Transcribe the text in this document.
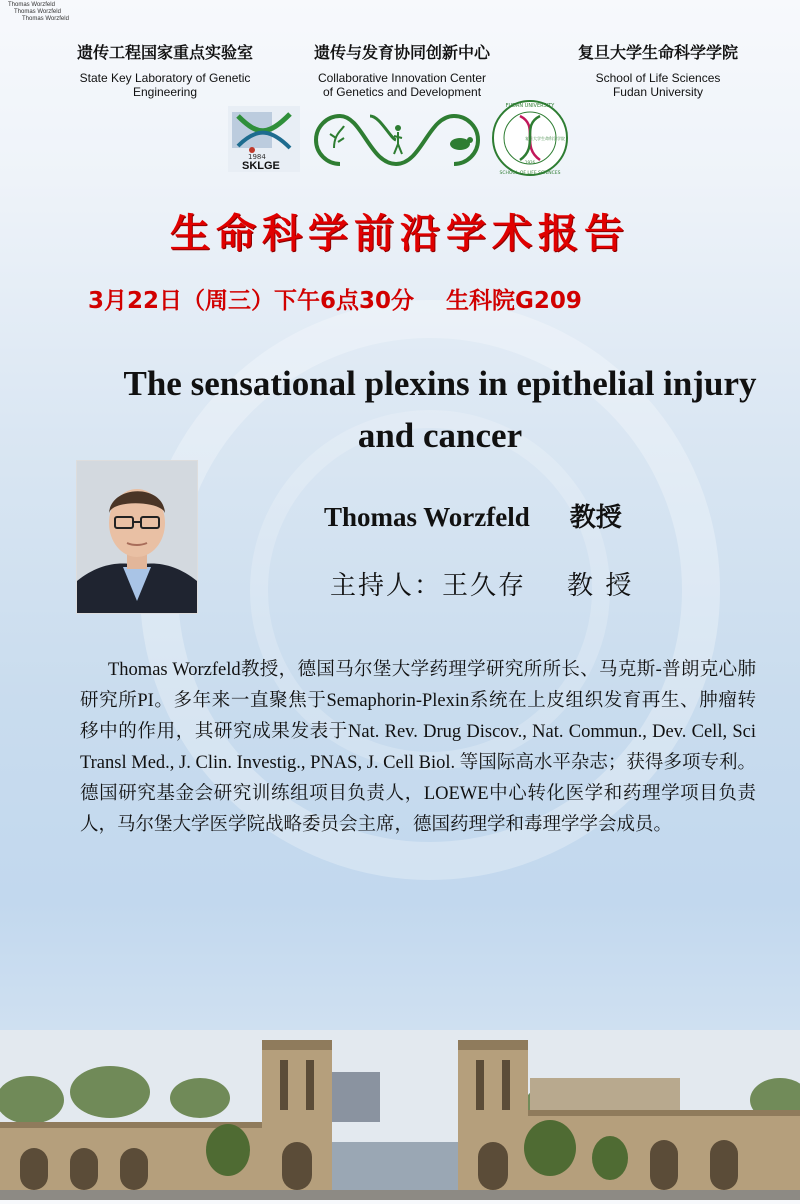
Thomas Worzfeld
Thomas Worzfeld
Thomas Worzfeld
遗传工程国家重点实验室
State Key Laboratory of Genetic
Engineering
遗传与发育协同创新中心
Collaborative Innovation Center
of Genetics and Development
复旦大学生命科学学院
School of Life Sciences
Fudan University
1984
SKLGE
FUDAN UNIVERSITY
SCHOOL OF LIFE SCIENCES
1926
复旦大学生命科学学院
生命科学前沿学术报告
3月22日（周三）下午6点30分    生科院G209
The sensational plexins in epithelial injury and cancer
Thomas Worzfeld 教授
主持人：王久存    教 授
Thomas Worzfeld教授，德国马尔堡大学药理学研究所所长、马克斯-普朗克心肺研究所PI。多年来一直聚焦于Semaphorin-Plexin系统在上皮组织发育再生、肿瘤转移中的作用，其研究成果发表于Nat. Rev. Drug Discov., Nat. Commun., Dev. Cell, Sci Transl Med., J. Clin. Investig., PNAS, J. Cell Biol. 等国际高水平杂志；获得多项专利。德国研究基金会研究训练组项目负责人，LOEWE中心转化医学和药理学项目负责人，马尔堡大学医学院战略委员会主席，德国药理学和毒理学学会成员。
